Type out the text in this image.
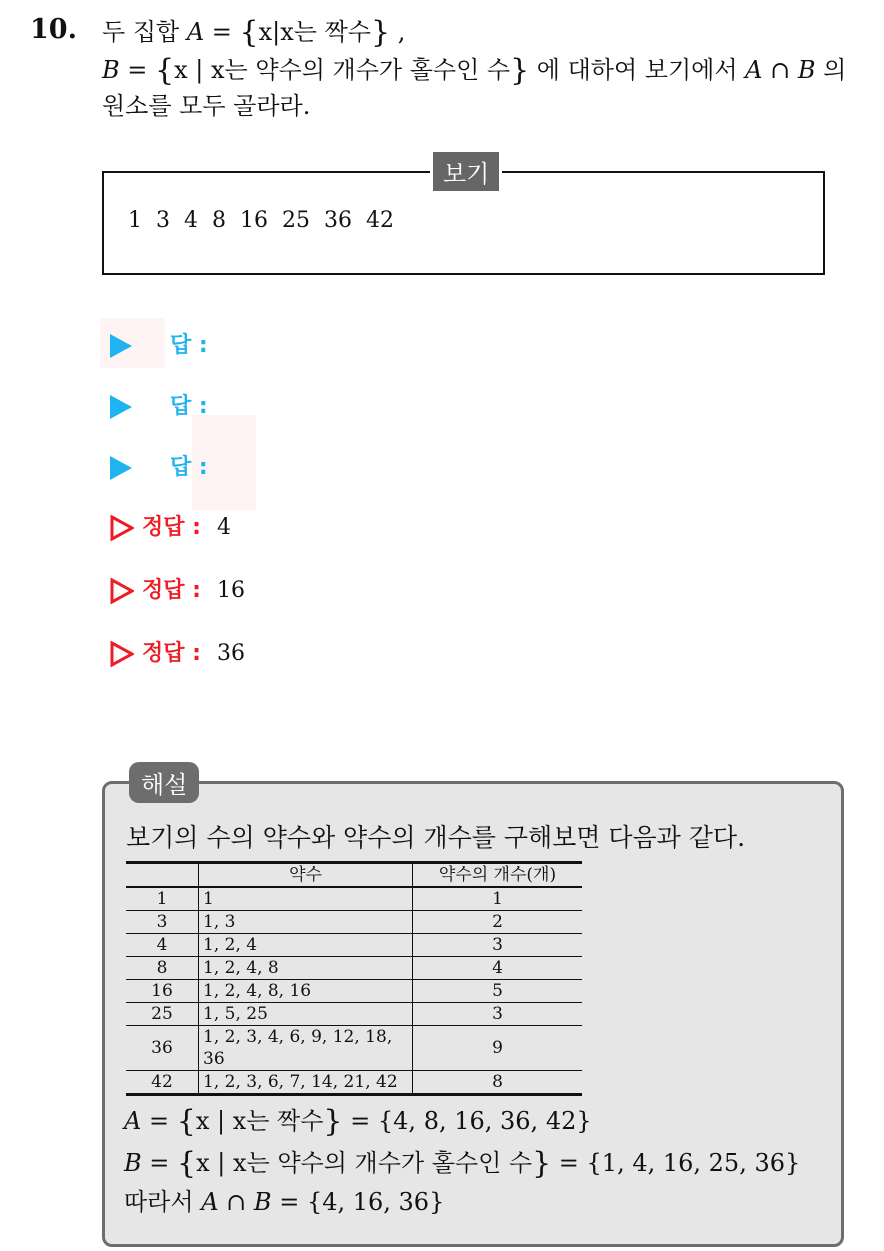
10. 두 집합 A = {x|x는 짝수} ,
B = {x | x는 약수의 개수가 홀수인 수} 에 대하여 보기에서 A ∩ B 의
원소를 모두 골라라.
보기
1 3 4 8 16 25 36 42
답 :
답 :
답 :
정답 : 4
정답 : 16
정답 : 36
해설
보기의 수의 약수와 약수의 개수를 구해보면 다음과 같다.
	약수	약수의 개수(개)
1	1	1
3	1, 3	2
4	1, 2, 4	3
8	1, 2, 4, 8	4
16	1, 2, 4, 8, 16	5
25	1, 5, 25	3
36	1, 2, 3, 4, 6, 9, 12, 18, 36	9
42	1, 2, 3, 6, 7, 14, 21, 42	8
A = {x | x는 짝수} = {4, 8, 16, 36, 42}
B = {x | x는 약수의 개수가 홀수인 수} = {1, 4, 16, 25, 36}
따라서 A ∩ B = {4, 16, 36}
